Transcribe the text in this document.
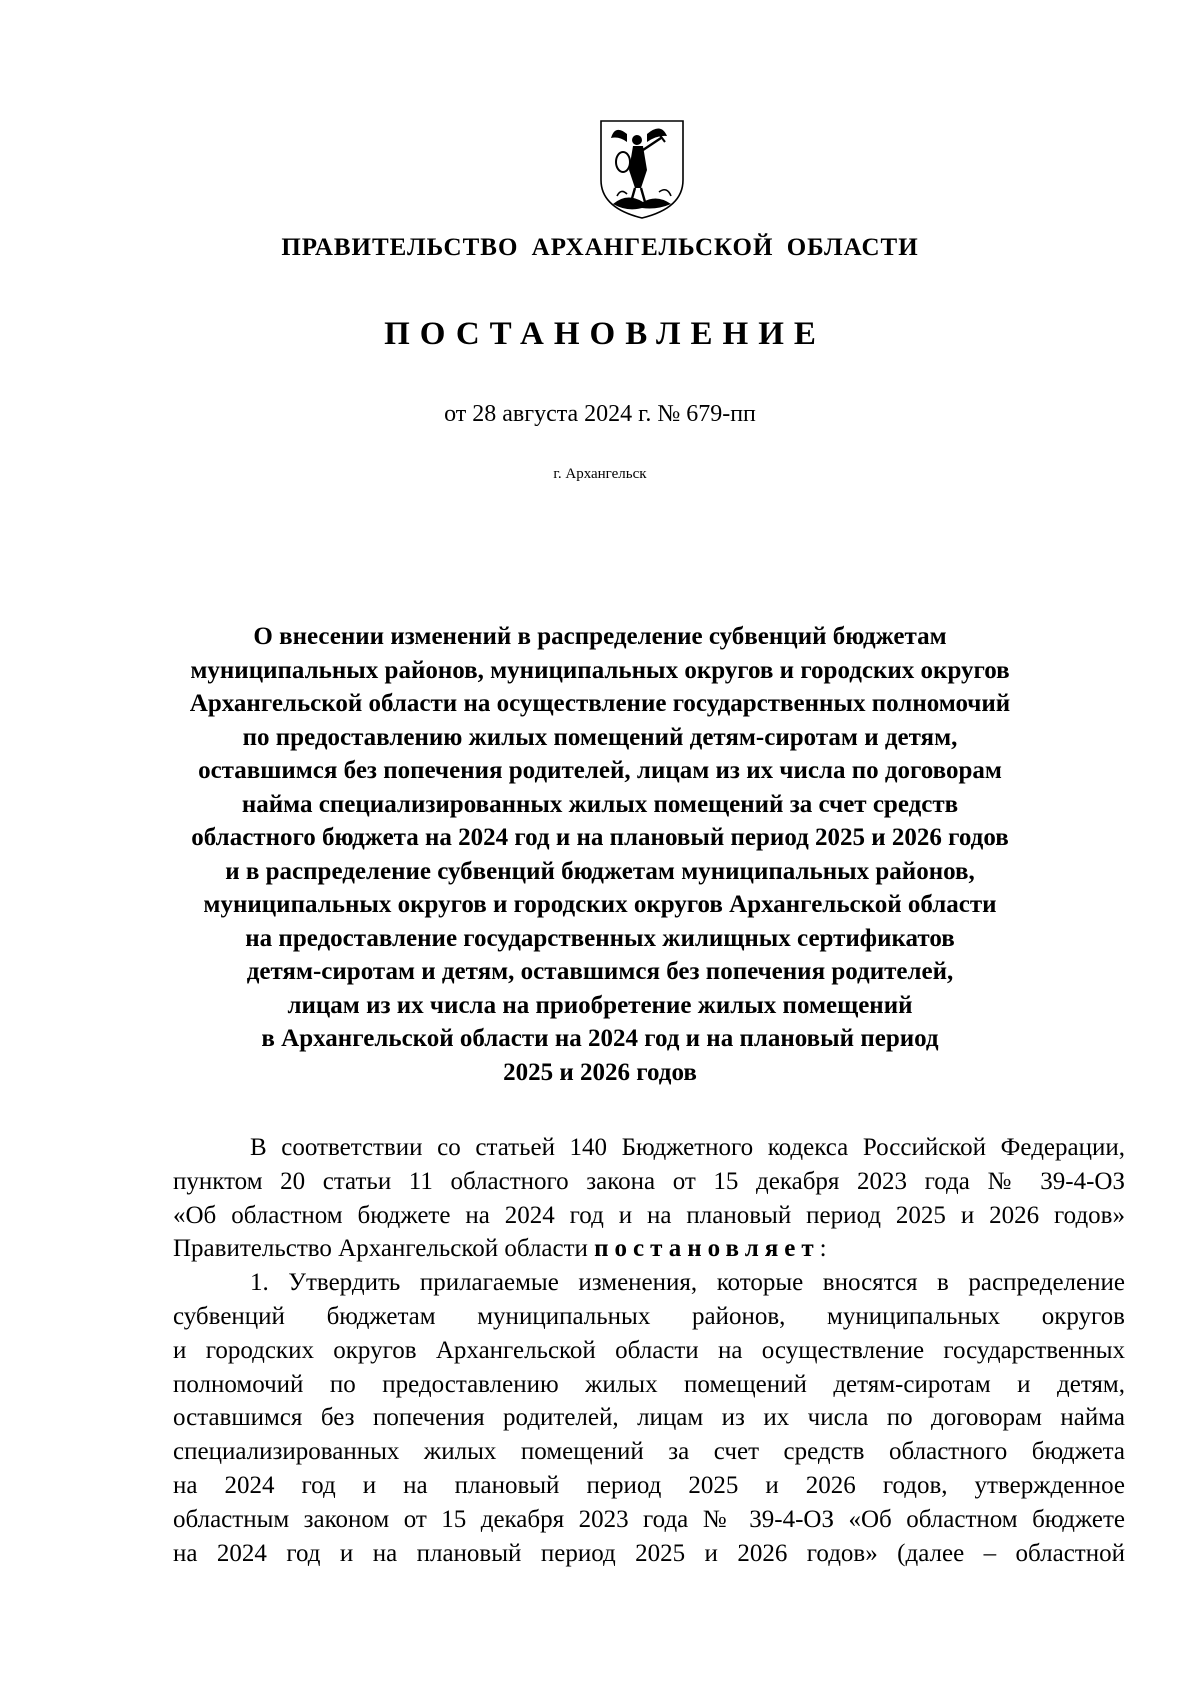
ПРАВИТЕЛЬСТВО АРХАНГЕЛЬСКОЙ ОБЛАСТИ
ПОСТАНОВЛЕНИЕ
от 28 августа 2024 г. № 679-пп
г. Архангельск
О внесении изменений в распределение субвенций бюджетам
муниципальных районов, муниципальных округов и городских округов
Архангельской области на осуществление государственных полномочий
по предоставлению жилых помещений детям-сиротам и детям,
оставшимся без попечения родителей, лицам из их числа по договорам
найма специализированных жилых помещений за счет средств
областного бюджета на 2024 год и на плановый период 2025 и 2026 годов
и в распределение субвенций бюджетам муниципальных районов,
муниципальных округов и городских округов Архангельской области
на предоставление государственных жилищных сертификатов
детям-сиротам и детям, оставшимся без попечения родителей,
лицам из их числа на приобретение жилых помещений
в Архангельской области на 2024 год и на плановый период
2025 и 2026 годов
В соответствии со статьей 140 Бюджетного кодекса Российской Федерации,
пунктом 20 статьи 11 областного закона от 15 декабря 2023 года № 39-4-ОЗ
«Об областном бюджете на 2024 год и на плановый период 2025 и 2026 годов»
Правительство Архангельской области постановляет:
1. Утвердить прилагаемые изменения, которые вносятся в распределение
субвенций бюджетам муниципальных районов, муниципальных округов
и городских округов Архангельской области на осуществление государственных
полномочий по предоставлению жилых помещений детям-сиротам и детям,
оставшимся без попечения родителей, лицам из их числа по договорам найма
специализированных жилых помещений за счет средств областного бюджета
на 2024 год и на плановый период 2025 и 2026 годов, утвержденное
областным законом от 15 декабря 2023 года № 39-4-ОЗ «Об областном бюджете
на 2024 год и на плановый период 2025 и 2026 годов» (далее – областной
